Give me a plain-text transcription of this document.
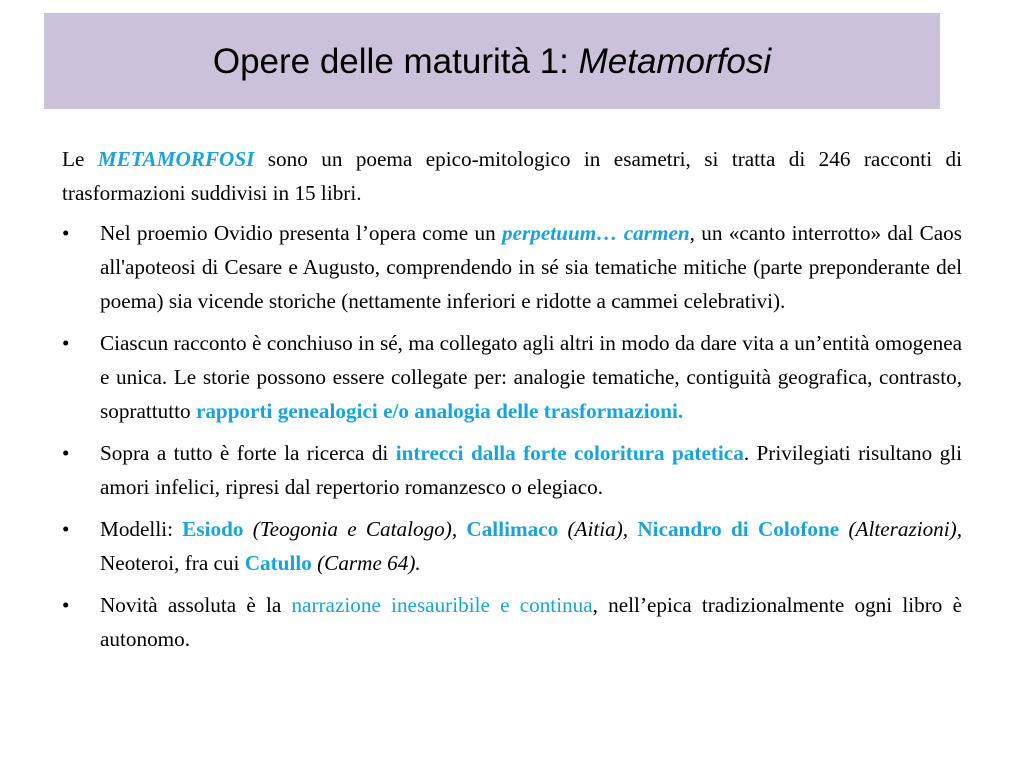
Opere delle maturità 1: Metamorfosi

Le METAMORFOSI sono un poema epico-mitologico in esametri, si tratta di 246 racconti di trasformazioni suddivisi in 15 libri.

• Nel proemio Ovidio presenta l’opera come un perpetuum… carmen, un «canto interrotto» dal Caos all'apoteosi di Cesare e Augusto, comprendendo in sé sia tematiche mitiche (parte preponderante del poema) sia vicende storiche (nettamente inferiori e ridotte a cammei celebrativi).
• Ciascun racconto è conchiuso in sé, ma collegato agli altri in modo da dare vita a un’entità omogenea e unica. Le storie possono essere collegate per: analogie tematiche, contiguità geografica, contrasto, soprattutto rapporti genealogici e/o analogia delle trasformazioni.
• Sopra a tutto è forte la ricerca di intrecci dalla forte coloritura patetica. Privilegiati risultano gli amori infelici, ripresi dal repertorio romanzesco o elegiaco.
• Modelli: Esiodo (Teogonia e Catalogo), Callimaco (Aitia), Nicandro di Colofone (Alterazioni), Neoteroi, fra cui Catullo (Carme 64).
• Novità assoluta è la narrazione inesauribile e continua, nell’epica tradizionalmente ogni libro è autonomo.
